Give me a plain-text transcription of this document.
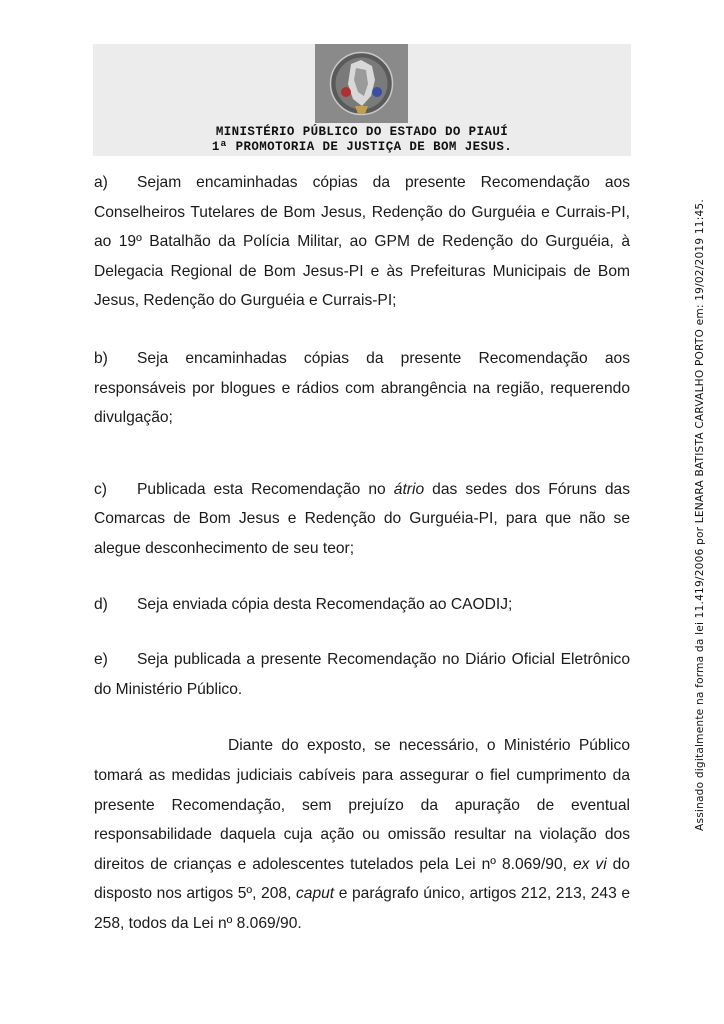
MINISTÉRIO PÚBLICO DO ESTADO DO PIAUÍ
1ª PROMOTORIA DE JUSTIÇA DE BOM JESUS.

a) Sejam encaminhadas cópias da presente Recomendação aos Conselheiros Tutelares de Bom Jesus, Redenção do Gurguéia e Currais-PI, ao 19º Batalhão da Polícia Militar, ao GPM de Redenção do Gurguéia, à Delegacia Regional de Bom Jesus-PI e às Prefeituras Municipais de Bom Jesus, Redenção do Gurguéia e Currais-PI;

b) Seja encaminhadas cópias da presente Recomendação aos responsáveis por blogues e rádios com abrangência na região, requerendo divulgação;

c) Publicada esta Recomendação no átrio das sedes dos Fóruns das Comarcas de Bom Jesus e Redenção do Gurguéia-PI, para que não se alegue desconhecimento de seu teor;

d) Seja enviada cópia desta Recomendação ao CAODIJ;

e) Seja publicada a presente Recomendação no Diário Oficial Eletrônico do Ministério Público.

Diante do exposto, se necessário, o Ministério Público tomará as medidas judiciais cabíveis para assegurar o fiel cumprimento da presente Recomendação, sem prejuízo da apuração de eventual responsabilidade daquela cuja ação ou omissão resultar na violação dos direitos de crianças e adolescentes tutelados pela Lei nº 8.069/90, ex vi do disposto nos artigos 5º, 208, caput e parágrafo único, artigos 212, 213, 243 e 258, todos da Lei nº 8.069/90.

Assinado digitalmente na forma da lei 11.419/2006 por LENARA BATISTA CARVALHO PORTO em: 19/02/2019 11:45.
